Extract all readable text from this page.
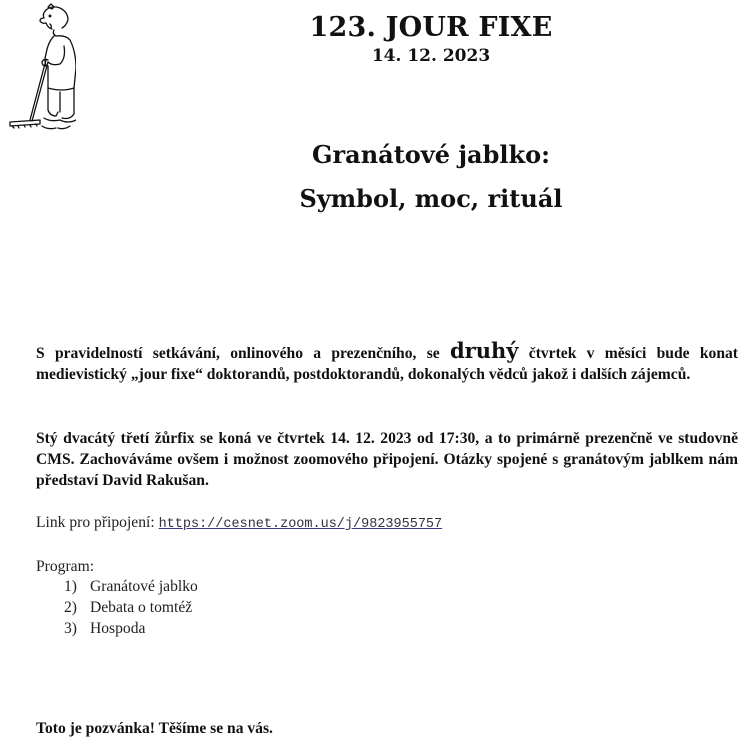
123. JOUR FIXE
14. 12. 2023
Granátové jablko:
Symbol, moc, rituál
S pravidelností setkávání, onlinového a prezenčního, se druhý čtvrtek v měsíci bude konat medievistický „jour fixe“ doktorandů, postdoktorandů, dokonalých vědců jakož i dalších zájemců.
Stý dvacátý třetí žůrfix se koná ve čtvrtek 14. 12. 2023 od 17:30, a to primárně prezenčně ve studovně CMS. Zachováváme ovšem i možnost zoomového připojení. Otázky spojené s granátovým jablkem nám představí David Rakušan.
Link pro připojení: https://cesnet.zoom.us/j/9823955757
Program:
1) Granátové jablko
2) Debata o tomtéž
3) Hospoda
Toto je pozvánka! Těšíme se na vás.
